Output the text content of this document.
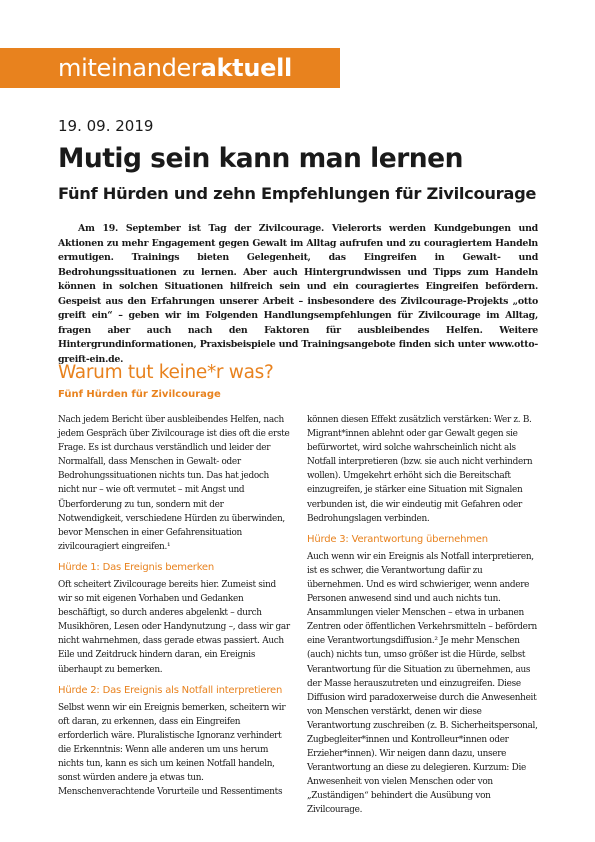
miteinander aktuell
19. 09. 2019
Mutig sein kann man lernen
Fünf Hürden und zehn Empfehlungen für Zivilcourage

Am 19. September ist Tag der Zivilcourage. Vielerorts werden Kundgebungen und Aktionen zu mehr Engagement gegen Gewalt im Alltag aufrufen und zu couragiertem Handeln ermutigen. Trainings bieten Gelegenheit, das Eingreifen in Gewalt- und Bedrohungssituationen zu lernen. Aber auch Hintergrundwissen und Tipps zum Handeln können in solchen Situationen hilfreich sein und ein couragiertes Eingreifen befördern. Gespeist aus den Erfahrungen unserer Arbeit – insbesondere des Zivilcourage-Projekts „otto greift ein“ – geben wir im Folgenden Handlungsempfehlungen für Zivilcourage im Alltag, fragen aber auch nach den Faktoren für ausbleibendes Helfen. Weitere Hintergrundinformationen, Praxisbeispiele und Trainingsangebote finden sich unter www.otto-greift-ein.de.

Warum tut keine*r was?
Fünf Hürden für Zivilcourage

Nach jedem Bericht über ausbleibendes Helfen, nach jedem Gespräch über Zivilcourage ist dies oft die erste Frage. Es ist durchaus verständlich und leider der Normalfall, dass Menschen in Gewalt- oder Bedrohungssituationen nichts tun. Das hat jedoch nicht nur – wie oft vermutet – mit Angst und Überforderung zu tun, sondern mit der Notwendigkeit, verschiedene Hürden zu überwinden, bevor Menschen in einer Gefahrensituation zivilcouragiert eingreifen.¹

Hürde 1: Das Ereignis bemerken

Oft scheitert Zivilcourage bereits hier. Zumeist sind wir so mit eigenen Vorhaben und Gedanken beschäftigt, so durch anderes abgelenkt – durch Musikhören, Lesen oder Handynutzung –, dass wir gar nicht wahrnehmen, dass gerade etwas passiert. Auch Eile und Zeitdruck hindern daran, ein Ereignis überhaupt zu bemerken.

Hürde 2: Das Ereignis als Notfall interpretieren

Selbst wenn wir ein Ereignis bemerken, scheitern wir oft daran, zu erkennen, dass ein Eingreifen erforderlich wäre. Pluralistische Ignoranz verhindert die Erkenntnis: Wenn alle anderen um uns herum nichts tun, kann es sich um keinen Notfall handeln, sonst würden andere ja etwas tun. Menschenverachtende Vorurteile und Ressentiments

können diesen Effekt zusätzlich verstärken: Wer z. B. Migrant*innen ablehnt oder gar Gewalt gegen sie befürwortet, wird solche wahrscheinlich nicht als Notfall interpretieren (bzw. sie auch nicht verhindern wollen). Umgekehrt erhöht sich die Bereitschaft einzugreifen, je stärker eine Situation mit Signalen verbunden ist, die wir eindeutig mit Gefahren oder Bedrohungslagen verbinden.

Hürde 3: Verantwortung übernehmen

Auch wenn wir ein Ereignis als Notfall interpretieren, ist es schwer, die Verantwortung dafür zu übernehmen. Und es wird schwieriger, wenn andere Personen anwesend sind und auch nichts tun. Ansammlungen vieler Menschen – etwa in urbanen Zentren oder öffentlichen Verkehrsmitteln – befördern eine Verantwortungsdiffusion.² Je mehr Menschen (auch) nichts tun, umso größer ist die Hürde, selbst Verantwortung für die Situation zu übernehmen, aus der Masse herauszutreten und einzugreifen. Diese Diffusion wird paradoxerweise durch die Anwesenheit von Menschen verstärkt, denen wir diese Verantwortung zuschreiben (z. B. Sicherheitspersonal, Zugbegleiter*innen und Kontrolleur*innen oder Erzieher*innen). Wir neigen dann dazu, unsere Verantwortung an diese zu delegieren. Kurzum: Die Anwesenheit von vielen Menschen oder von „Zuständigen“ behindert die Ausübung von Zivilcourage.
